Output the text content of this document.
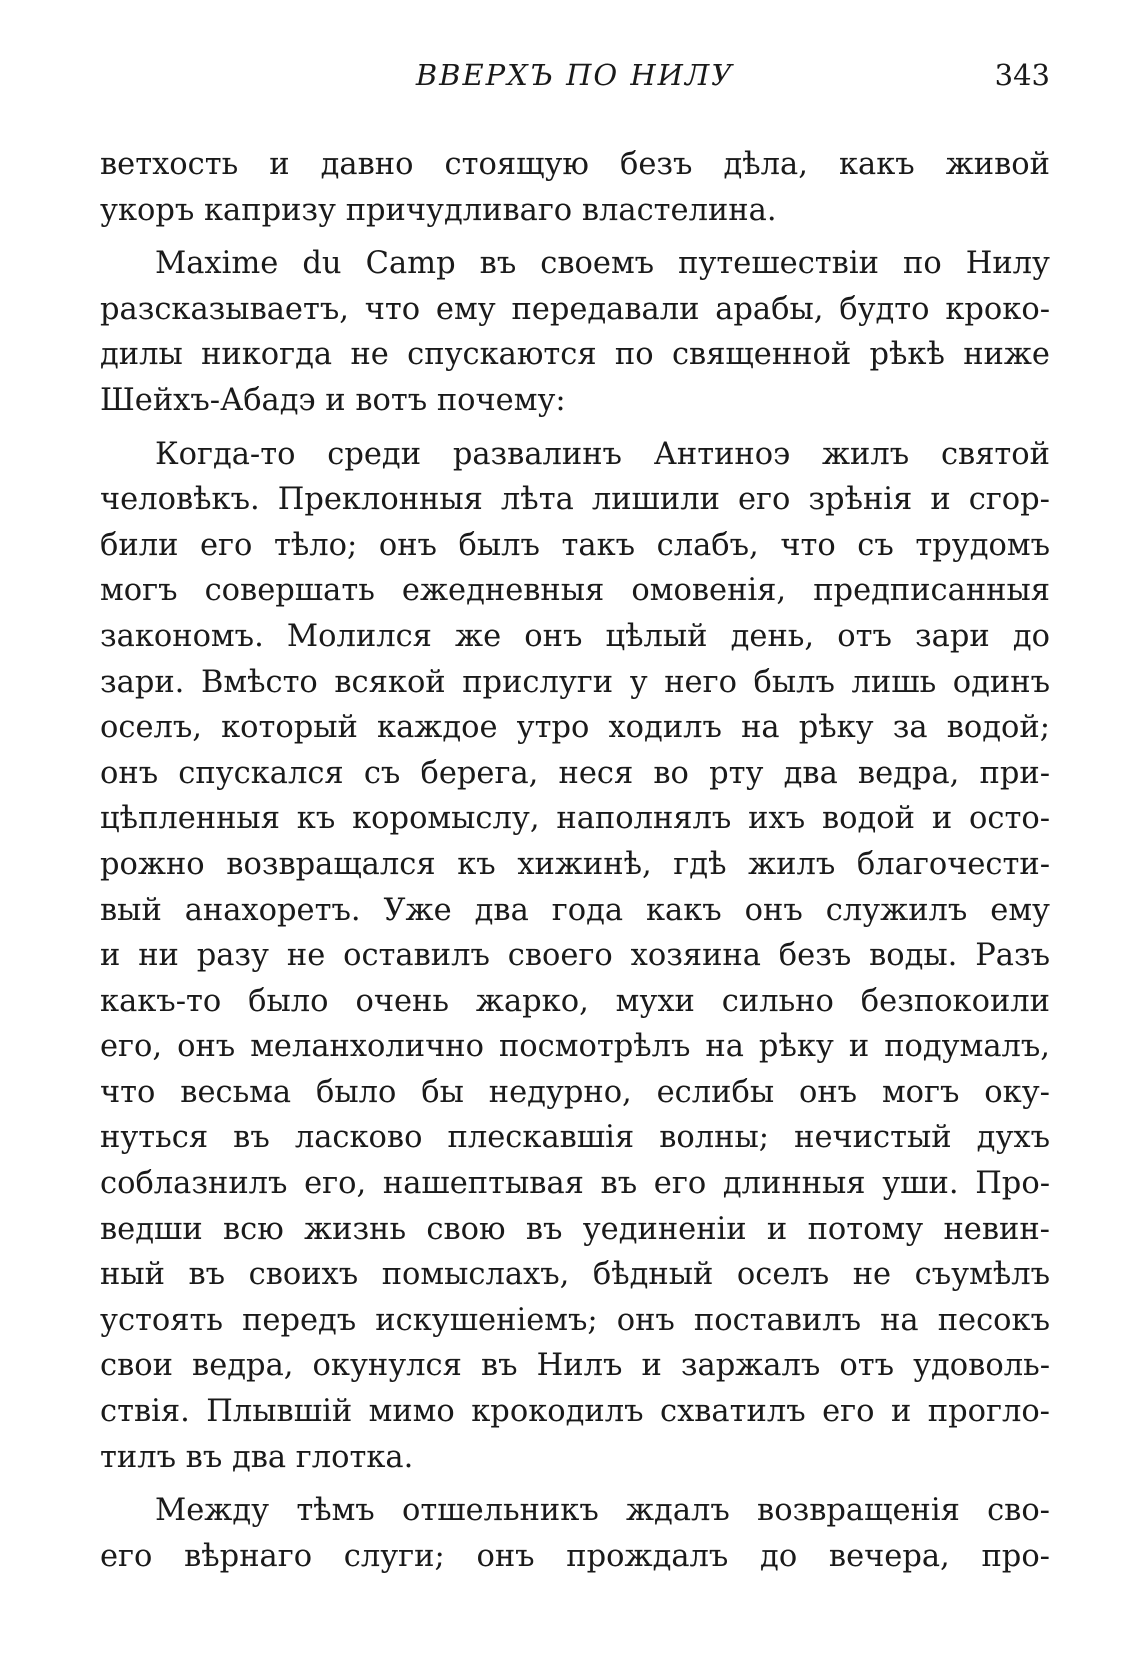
ВВЕРХЪ ПО НИЛУ	343
ветхость и давно стоящую безъ дѣла, какъ живой
укоръ капризу причудливаго властелина.
Maxime du Camp въ своемъ путешествіи по Нилу
разсказываетъ, что ему передавали арабы, будто кроко-
дилы никогда не спускаются по священной рѣкѣ ниже
Шейхъ-Абадэ и вотъ почему:
Когда-то среди развалинъ Антиноэ жилъ святой
человѣкъ. Преклонныя лѣта лишили его зрѣнія и сгор-
били его тѣло; онъ былъ такъ слабъ, что съ трудомъ
могъ совершать ежедневныя омовенія, предписанныя
закономъ. Молился же онъ цѣлый день, отъ зари до
зари. Вмѣсто всякой прислуги у него былъ лишь одинъ
оселъ, который каждое утро ходилъ на рѣку за водой;
онъ спускался съ берега, неся во рту два ведра, при-
цѣпленныя къ коромыслу, наполнялъ ихъ водой и осто-
рожно возвращался къ хижинѣ, гдѣ жилъ благочести-
вый анахоретъ. Уже два года какъ онъ служилъ ему
и ни разу не оставилъ своего хозяина безъ воды. Разъ
какъ-то было очень жарко, мухи сильно безпокоили
его, онъ меланхолично посмотрѣлъ на рѣку и подумалъ,
что весьма было бы недурно, еслибы онъ могъ оку-
нуться въ ласково плескавшія волны; нечистый духъ
соблазнилъ его, нашептывая въ его длинныя уши. Про-
ведши всю жизнь свою въ уединеніи и потому невин-
ный въ своихъ помыслахъ, бѣдный оселъ не съумѣлъ
устоять передъ искушеніемъ; онъ поставилъ на песокъ
свои ведра, окунулся въ Нилъ и заржалъ отъ удоволь-
ствія. Плывшій мимо крокодилъ схватилъ его и прогло-
тилъ въ два глотка.
Между тѣмъ отшельникъ ждалъ возвращенія сво-
его вѣрнаго слуги; онъ прождалъ до вечера, про-
